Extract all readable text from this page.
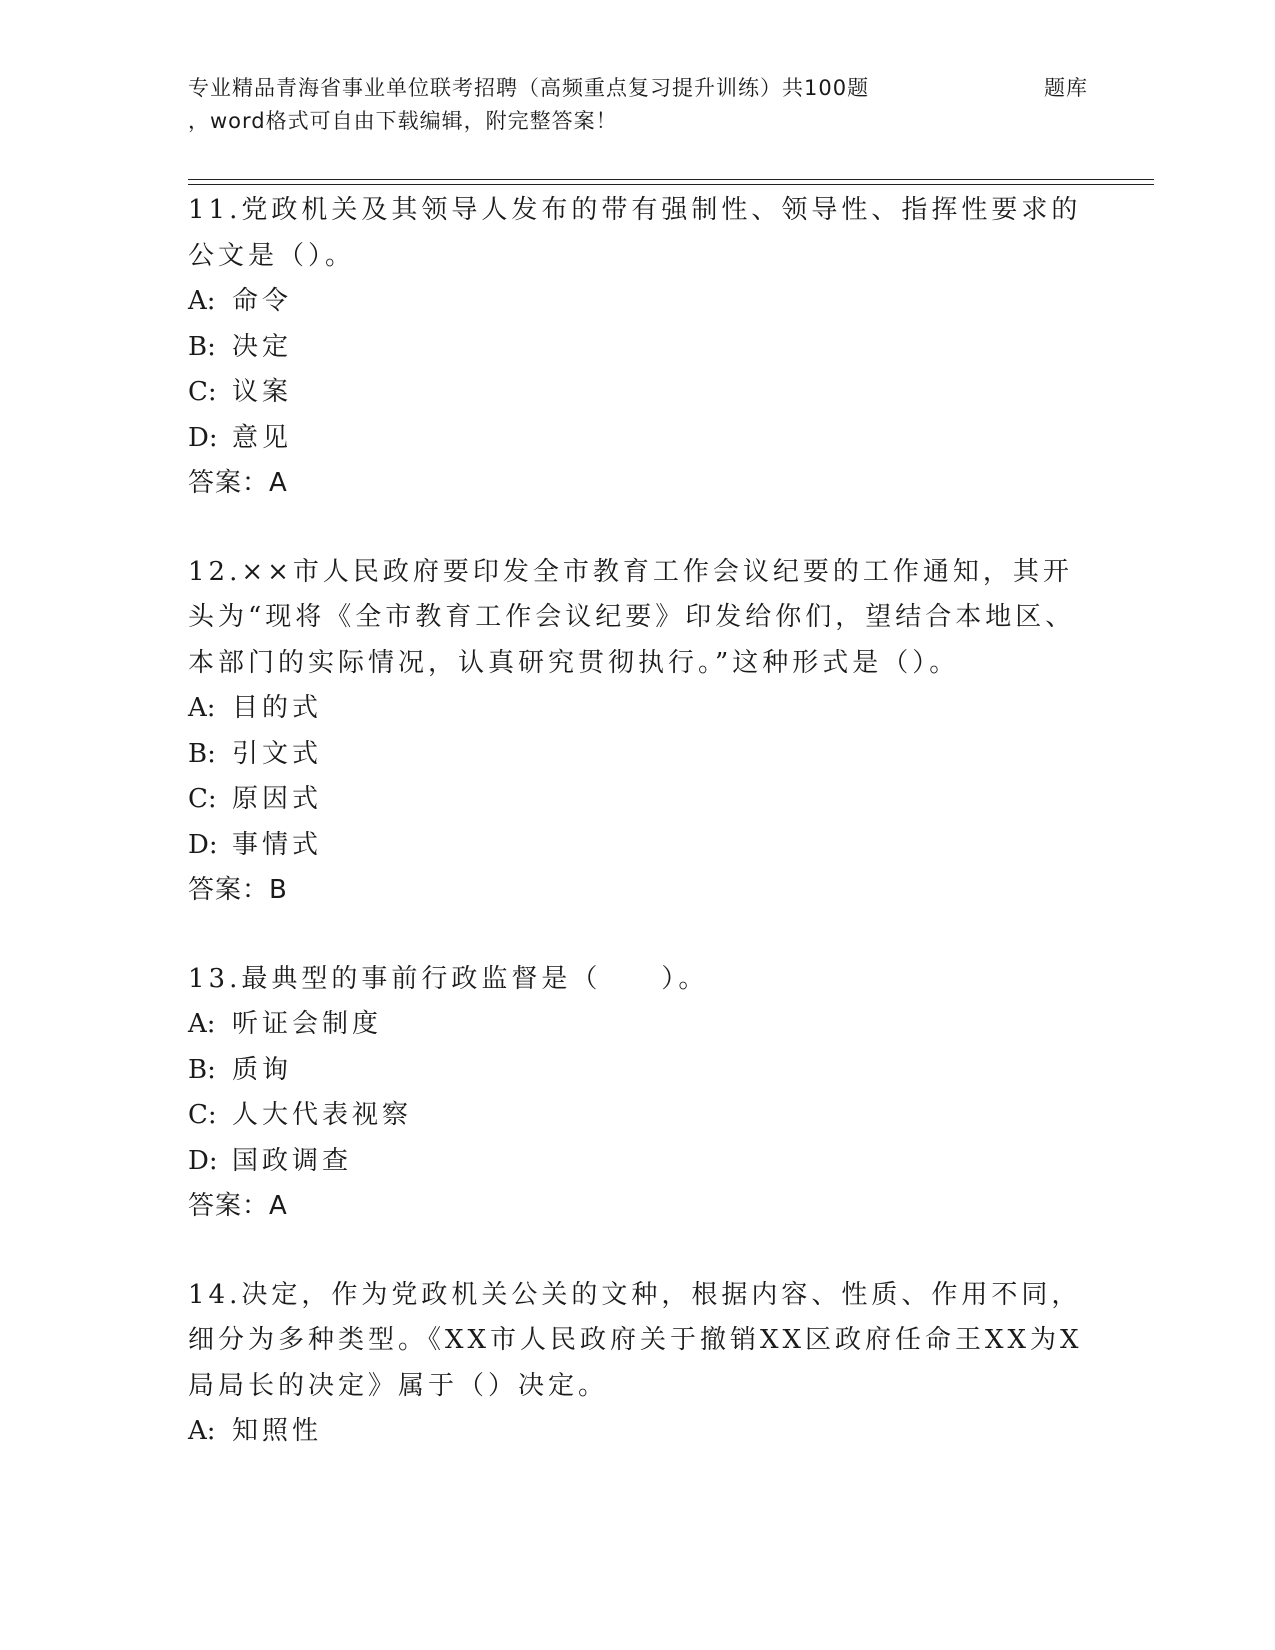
专业精品青海省事业单位联考招聘（高频重点复习提升训练）共100题	题库
，word格式可自由下载编辑，附完整答案！
11.党政机关及其领导人发布的带有强制性、领导性、指挥性要求的公文是（）。
A: 命令
B: 决定
C: 议案
D: 意见
答案：A
12.××市人民政府要印发全市教育工作会议纪要的工作通知，其开头为“现将《全市教育工作会议纪要》印发给你们，望结合本地区、本部门的实际情况，认真研究贯彻执行。”这种形式是（）。
A: 目的式
B: 引文式
C: 原因式
D: 事情式
答案：B
13.最典型的事前行政监督是（　　）。
A: 听证会制度
B: 质询
C: 人大代表视察
D: 国政调查
答案：A
14.决定，作为党政机关公关的文种，根据内容、性质、作用不同，细分为多种类型。《XX市人民政府关于撤销XX区政府任命王XX为X局局长的决定》属于（）决定。
A: 知照性
